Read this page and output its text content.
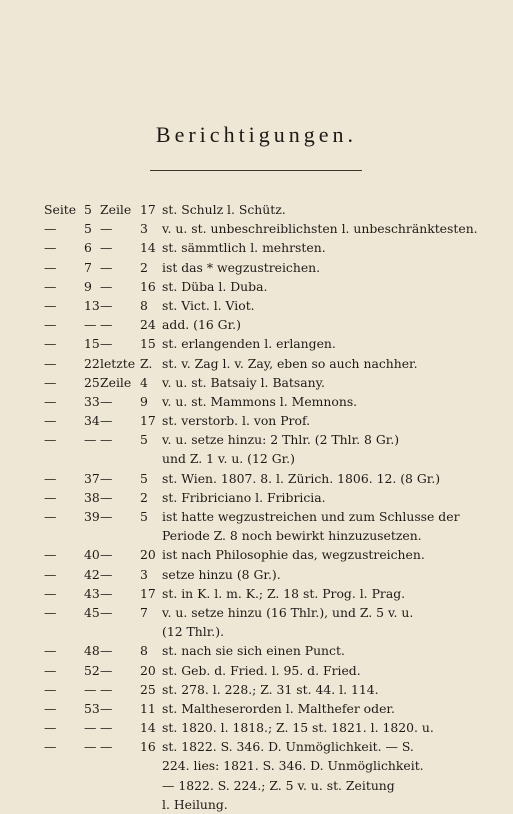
Berichtigungen.
Seite 5 Zeile 17 st. Schulz l. Schütz.
— 5 — 3 v. u. st. unbeschreiblichsten l. unbeschränktesten.
— 6 — 14 st. sämmtlich l. mehrsten.
— 7 — 2 ist das * wegzustreichen.
— 9 — 16 st. Düba l. Duba.
— 13 — 8 st. Vict. l. Viot.
— — — 24 add. (16 Gr.)
— 15 — 15 st. erlangenden l. erlangen.
— 22 letzte Z. st. v. Zag l. v. Zay, eben so auch nachher.
— 25 Zeile 4 v. u. st. Batsaiy l. Batsany.
— 33 — 9 v. u. st. Mammons l. Memnons.
— 34 — 17 st. verstorb. l. von Prof.
— — — 5 v. u. setze hinzu: 2 Thlr. (2 Thlr. 8 Gr.)
und Z. 1 v. u. (12 Gr.)
— 37 — 5 st. Wien. 1807. 8. l. Zürich. 1806. 12. (8 Gr.)
— 38 — 2 st. Fribriciano l. Fribricia.
— 39 — 5 ist hatte wegzustreichen und zum Schlusse der
Periode Z. 8 noch bewirkt hinzuzusetzen.
— 40 — 20 ist nach Philosophie das, wegzustreichen.
— 42 — 3 setze hinzu (8 Gr.).
— 43 — 17 st. in K. l. m. K.; Z. 18 st. Prog. l. Prag.
— 45 — 7 v. u. setze hinzu (16 Thlr.), und Z. 5 v. u.
(12 Thlr.).
— 48 — 8 st. nach sie sich einen Punct.
— 52 — 20 st. Geb. d. Fried. l. 95. d. Fried.
— — — 25 st. 278. l. 228.; Z. 31 st. 44. l. 114.
— 53 — 11 st. Maltheserorden l. Malthefer oder.
— — — 14 st. 1820. l. 1818.; Z. 15 st. 1821. l. 1820. u.
— — — 16 st. 1822. S. 346. D. Unmöglichkeit. — S.
224. lies: 1821. S. 346. D. Unmöglichkeit.
— 1822. S. 224.; Z. 5 v. u. st. Zeitung
l. Heilung.
